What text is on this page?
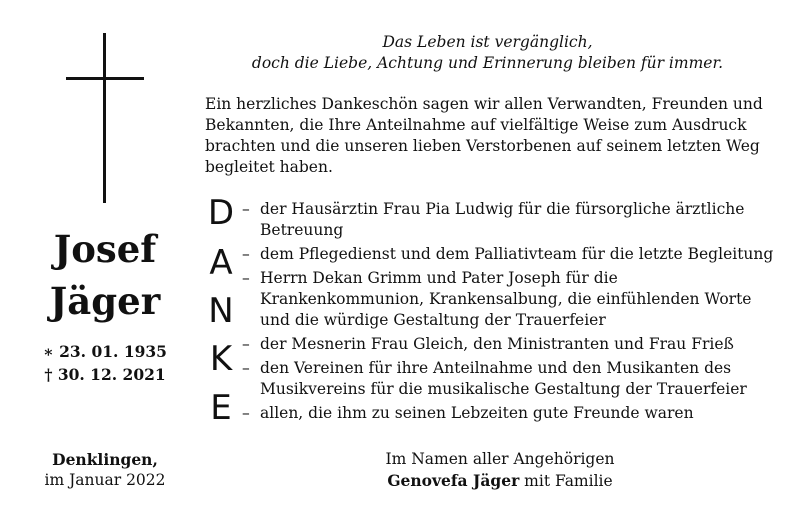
Josef
Jäger
∗ 23. 01. 1935
† 30. 12. 2021
Denklingen,
im Januar 2022
Das Leben ist vergänglich,
doch die Liebe, Achtung und Erinnerung bleiben für immer.
Ein herzliches Dankeschön sagen wir allen Verwandten, Freunden und Bekannten, die Ihre Anteilnahme auf vielfältige Weise zum Ausdruck brachten und die unseren lieben Verstorbenen auf seinem letzten Weg begleitet haben.
D
A
N
K
E
– der Hausärztin Frau Pia Ludwig für die fürsorgliche ärztliche Betreuung
– dem Pflegedienst und dem Palliativteam für die letzte Begleitung
– Herrn Dekan Grimm und Pater Joseph für die Krankenkommunion, Krankensalbung, die einfühlenden Worte und die würdige Gestaltung der Trauerfeier
– der Mesnerin Frau Gleich, den Ministranten und Frau Frieß
– den Vereinen für ihre Anteilnahme und den Musikanten des Musikvereins für die musikalische Gestaltung der Trauerfeier
– allen, die ihm zu seinen Lebzeiten gute Freunde waren
Im Namen aller Angehörigen
Genovefa Jäger mit Familie
